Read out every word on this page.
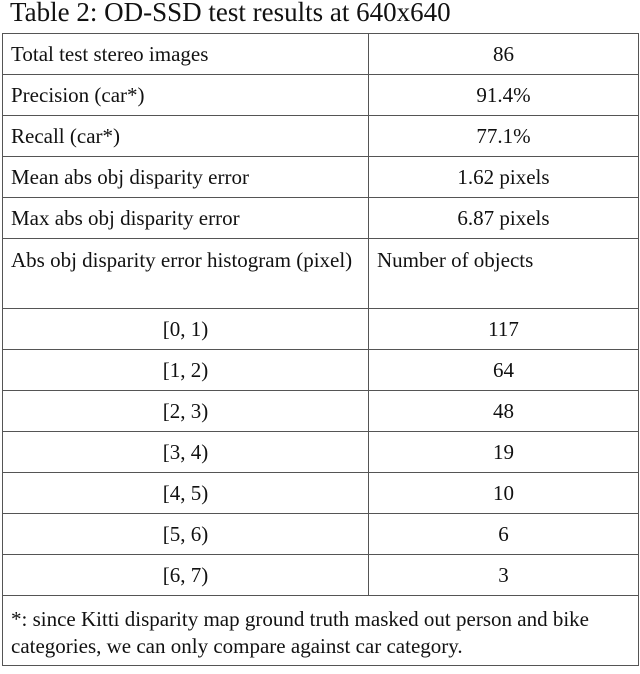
Table 2: OD-SSD test results at 640x640
Total test stereo images	86
Precision (car*)	91.4%
Recall (car*)	77.1%
Mean abs obj disparity error	1.62 pixels
Max abs obj disparity error	6.87 pixels
Abs obj disparity error histogram (pixel)	Number of objects
[0, 1)	117
[1, 2)	64
[2, 3)	48
[3, 4)	19
[4, 5)	10
[5, 6)	6
[6, 7)	3
*: since Kitti disparity map ground truth masked out person and bike categories, we can only compare against car category.	
